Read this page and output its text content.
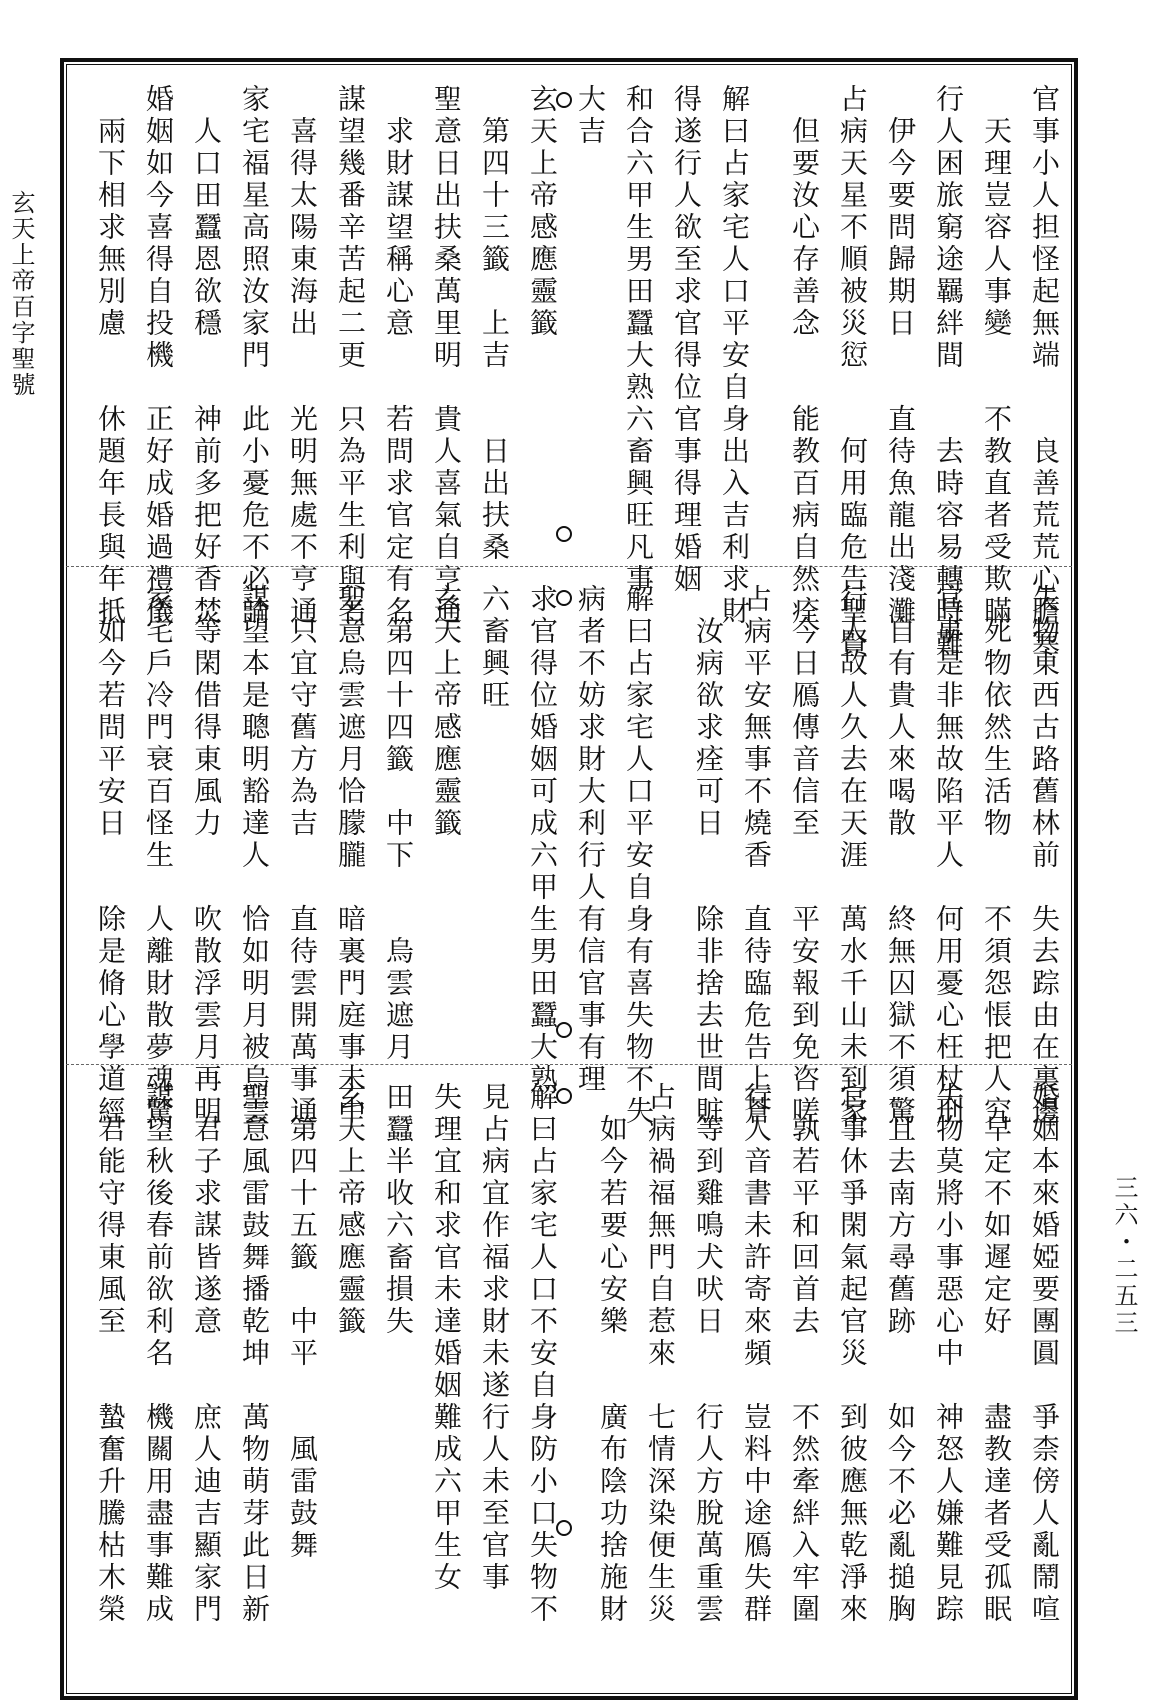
玄天上帝百字聖號
三六・二五三
官事小人担怪起無端　　良善荒荒心膽寒
　天理豈容人事變　　不教直者受欺瞞
行人困旅窮途羈絆間　　去時容易轉時難
　伊今要問歸期日　　直待魚龍出淺灘
占病天星不順被災愆　　何用臨危告聖賢
　但要汝心存善念　　能教百病自然痊
解曰占家宅人口平安自身出入吉利求財
得遂行人欲至求官得位官事得理婚姻
和合六甲生男田蠶大熟六畜興旺凡事
大吉
玄天上帝感應靈籤
　第四十三籤　上吉　　日出扶桑
聖意日出扶桑萬里明　貴人喜氣自亨通
　求財謀望稱心意　　若問求官定有名
謀望幾番辛苦起二更　只為平生利與名
　喜得太陽東海出　　光明無處不亨通
家宅福星高照汝家門　此小憂危不必論
　人口田蠶恩欲穩　　神前多把好香焚
婚姻如今喜得自投機　正好成婚過禮儀
　兩下相求無別慮　　休題年長與年抵
失物東西古路舊林前　失去踪由在裏邊
　死物依然生活物　　不須怨悵把人究
官事是非無故陷平人　何用憂心枉杖刑
　自有貴人來喝散　　終無囚獄不須驚
行人故人久去在天涯　萬水千山未到家
　今日鴈傳音信至　　平安報到免咨嗟
占病平安無事不燒香　直待臨危告上蒼
　汝病欲求痊可日　　除非捨去世間賍
解曰占家宅人口平安自身有喜失物不失
病者不妨求財大利行人有信官事有理
求官得位婚姻可成六甲生男田蠶大熟
六畜興旺
玄天上帝感應靈籤
　第四十四籤　中下　　烏雲遮月
聖意烏雲遮月恰朦朧　暗裏門庭事未中
　只宜守舊方為吉　　直待雲開萬事通
謀望本是聰明豁達人　恰如明月被烏雲
　等閑借得東風力　　吹散浮雲月再明
家宅戶冷門衰百怪生　人離財散夢魂驚
　如今若問平安日　　除是脩心學道經
婚姻本來婚婭要團圓　爭柰傍人亂鬧喧
　早定不如遲定好　　盡教達者受孤眠
失物莫將小事惡心中　神怒人嫌難見踪
　且去南方尋舊跡　　如今不必亂搥胸
官事休爭閑氣起官災　到彼應無乾淨來
　孰若平和回首去　　不然牽絆入牢圍
行人音書未許寄來頻　豈料中途鴈失群
　等到雞鳴犬吠日　　行人方脫萬重雲
占病禍福無門自惹來　七情深染便生災
　如今若要心安樂　　廣布陰功捨施財
解曰占家宅人口不安自身防小口失物不
見占病宜作福求財未遂行人未至官事
失理宜和求官未達婚姻難成六甲生女
田蠶半收六畜損失
玄天上帝感應靈籤
　第四十五籤　中平　　風雷鼓舞
聖意風雷鼓舞播乾坤　萬物萌芽此日新
　君子求謀皆遂意　　庶人迪吉顯家門
謀望秋後春前欲利名　機關用盡事難成
　君能守得東風至　　蟄奮升騰枯木榮
